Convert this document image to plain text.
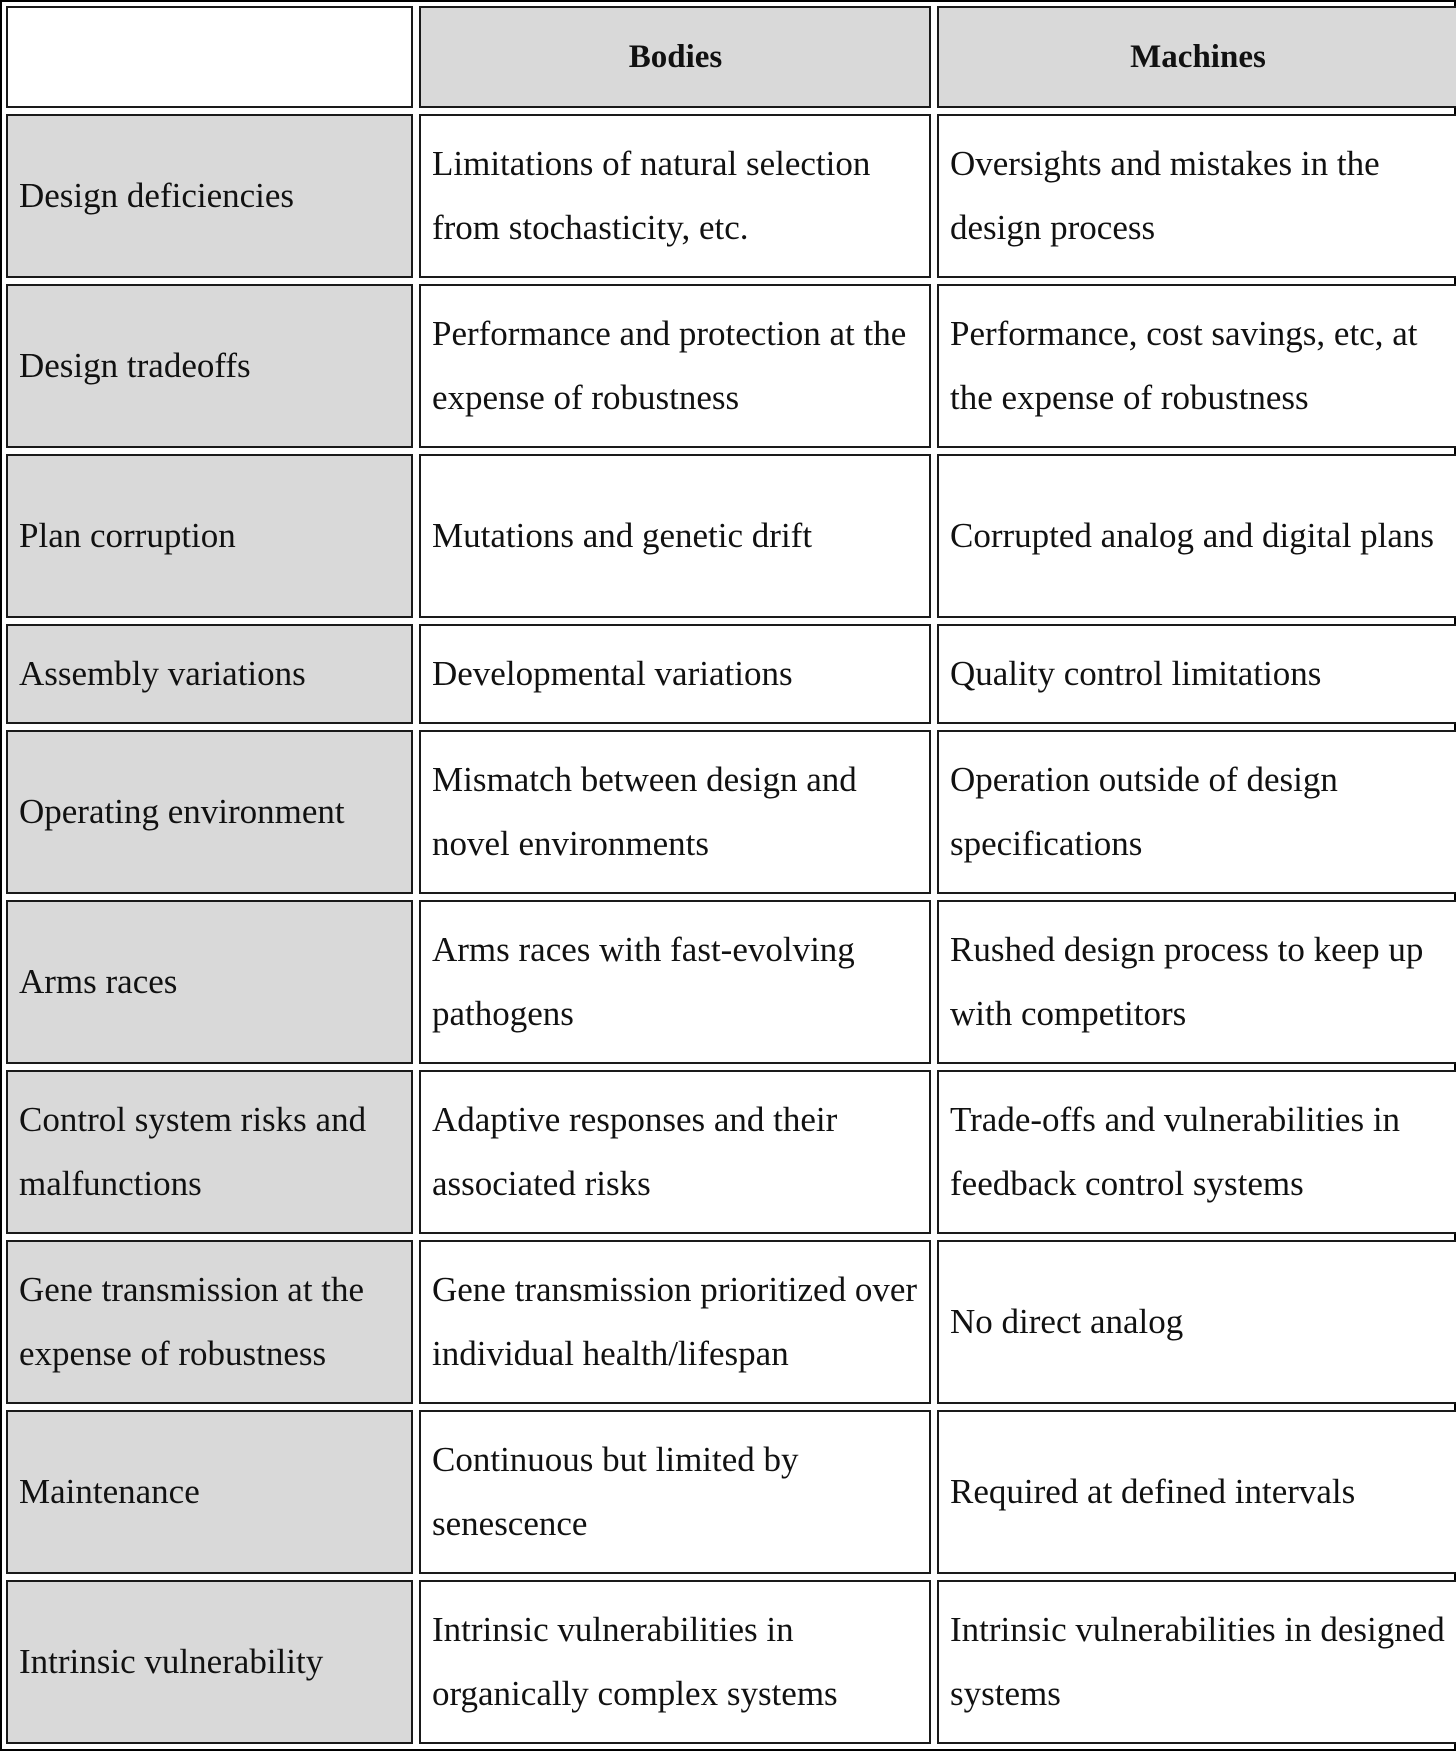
	Bodies	Machines
Design deficiencies	Limitations of natural selection from stochasticity, etc.	Oversights and mistakes in the design process
Design tradeoffs	Performance and protection at the expense of robustness	Performance, cost savings, etc, at the expense of robustness
Plan corruption	Mutations and genetic drift	Corrupted analog and digital plans
Assembly variations	Developmental variations	Quality control limitations
Operating environment	Mismatch between design and novel environments	Operation outside of design specifications
Arms races	Arms races with fast-evolving pathogens	Rushed design process to keep up with competitors
Control system risks and malfunctions	Adaptive responses and their associated risks	Trade-offs and vulnerabilities in feedback control systems
Gene transmission at the expense of robustness	Gene transmission prioritized over individual health/lifespan	No direct analog
Maintenance	Continuous but limited by senescence	Required at defined intervals
Intrinsic vulnerability	Intrinsic vulnerabilities in organically complex systems	Intrinsic vulnerabilities in designed systems
